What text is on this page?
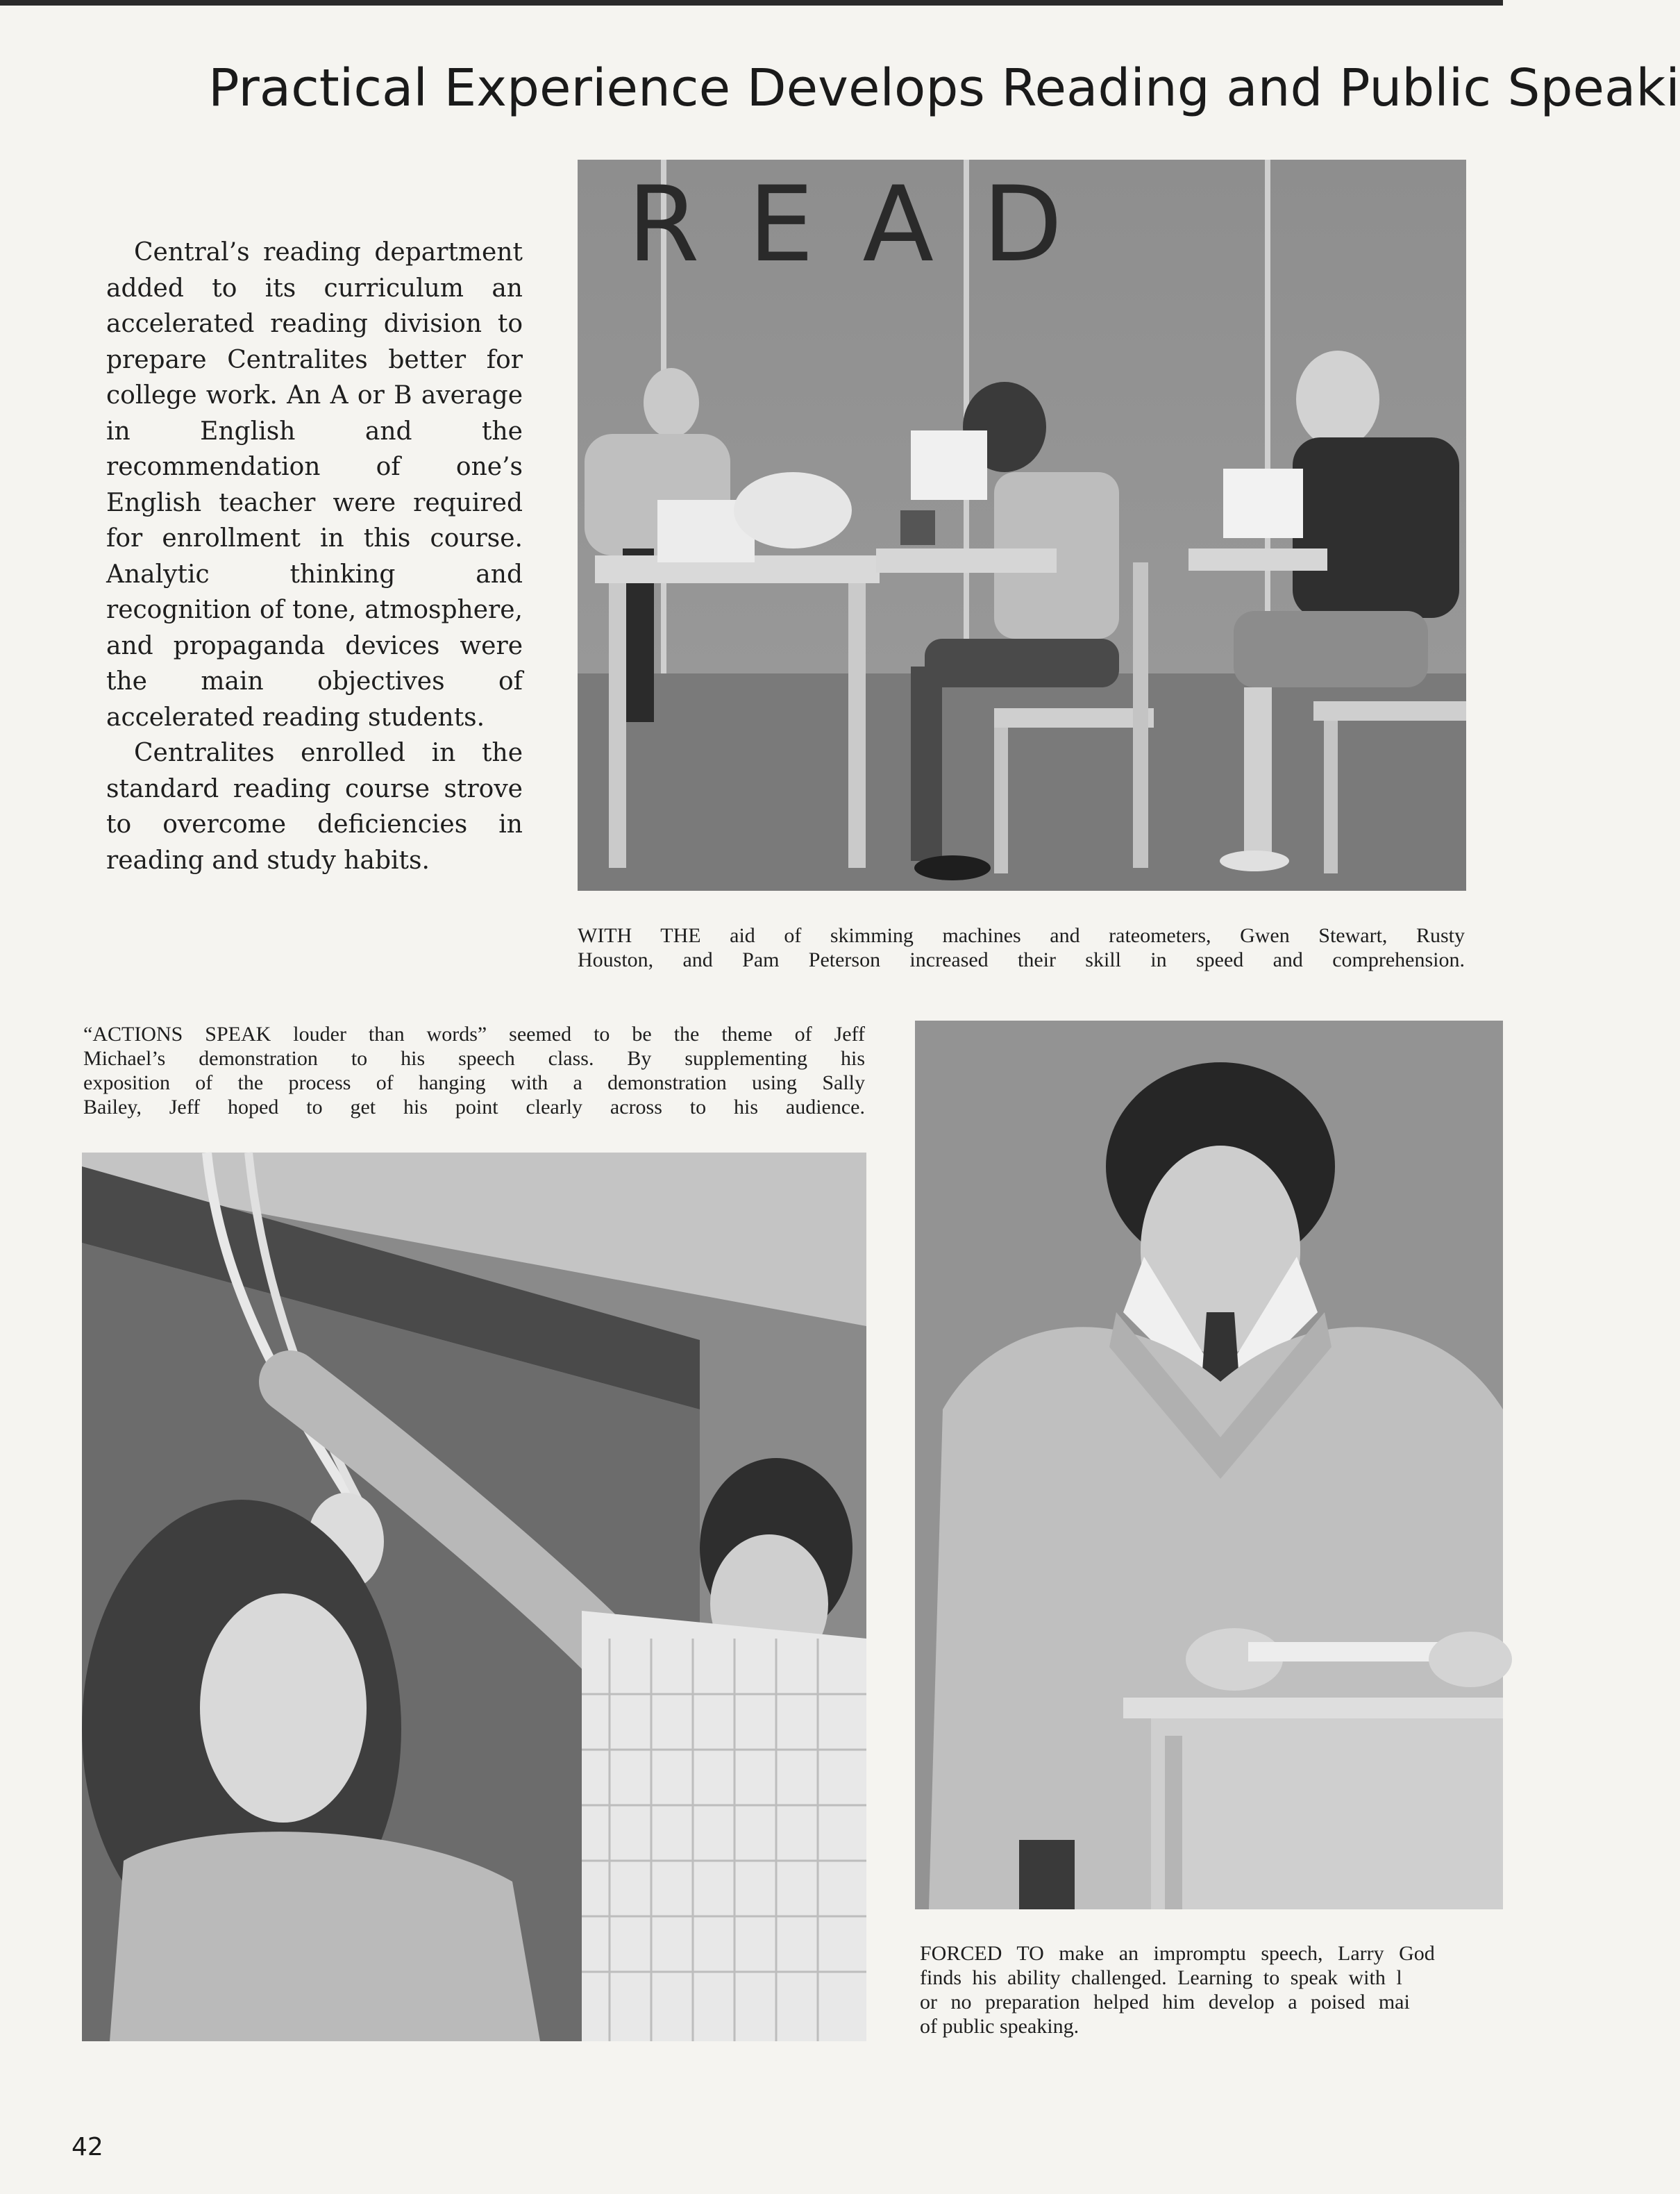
Practical Experience Develops Reading and Public Speaki

Central’s reading department added to its curriculum an accelerated reading division to prepare Centralites better for college work. An A or B average in English and the recommendation of one’s English teacher were required for enrollment in this course. Analytic thinking and recognition of tone, atmosphere, and propaganda devices were the main objectives of accelerated reading students.

Centralites enrolled in the standard reading course strove to overcome deficiencies in reading and study habits.

READ
WITH THE aid of skimming machines and rateometers, Gwen Stewart, Rusty
Houston, and Pam Peterson increased their skill in speed and comprehension.
“ACTIONS SPEAK louder than words” seemed to be the theme of Jeff
Michael’s demonstration to his speech class. By supplementing his
exposition of the process of hanging with a demonstration using Sally
Bailey, Jeff hoped to get his point clearly across to his audience.
FORCED TO make an impromptu speech, Larry God
finds his ability challenged. Learning to speak with l
or no preparation helped him develop a poised mai
of public speaking.
42
